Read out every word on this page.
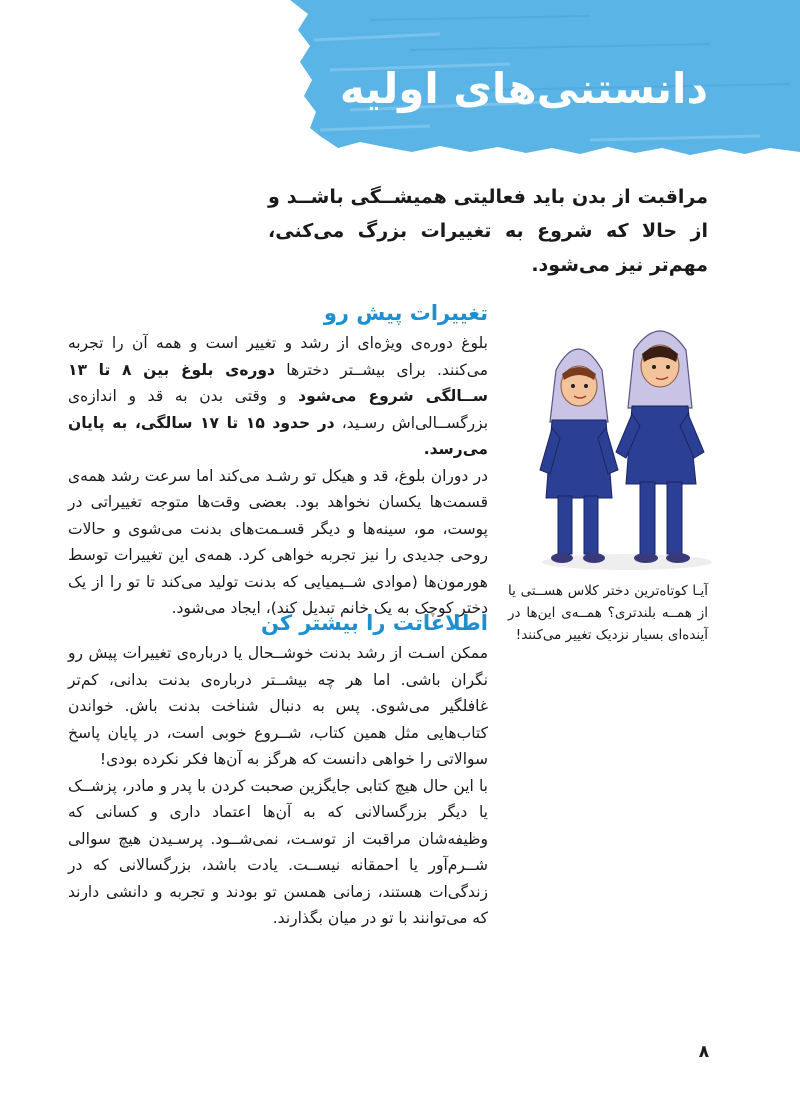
دانستنی‌های اولیه

مراقبت از بدن باید فعالیتی همیشــگی باشــد و از حالا که شروع به تغییرات بزرگ می‌کنی، مهم‌تر نیز می‌شود.

تغییرات پیش رو

بلوغ دوره‌ی ویژه‌ای از رشد و تغییر است و همه آن را تجربه می‌کنند. برای بیشــتر دخترها دوره‌ی بلوغ بین ۸ تا ۱۳ ســالگی شروع می‌شود و وقتی بدن به قد و اندازه‌ی بزرگســالی‌اش رسـید، در حدود ۱۵ تا ۱۷ سالگی، به پایان می‌رسد.

در دوران بلوغ، قد و هیکل تو رشـد می‌کند اما سرعت رشد همه‌ی قسمت‌ها یکسان نخواهد بود. بعضی وقت‌ها متوجه تغییراتی در پوست، مو، سینه‌ها و دیگر قسـمت‌های بدنت می‌شوی و حالات روحی جدیدی را نیز تجربه خواهی کرد. همه‌ی این تغییرات توسط هورمون‌ها (موادی شــیمیایی که بدنت تولید می‌کند تا تو را از یک دختر کوچک به یک خانم تبدیل کند)، ایجاد می‌شود.

اطلاعاتت را بیشتر کن

ممکن اسـت از رشد بدنت خوشــحال یا درباره‌ی تغییرات پیش رو نگران باشی. اما هر چه بیشــتر درباره‌ی بدنت بدانی، کم‌تر غافلگیر می‌شوی. پس به دنبال شناخت بدنت باش. خواندن کتاب‌هایی مثل همین کتاب، شــروع خوبی است، در پایان پاسخ سوالاتی را خواهی دانست که هرگز به آن‌ها فکر نکرده بودی!

با این حال هیچ کتابی جایگزین صحبت کردن با پدر و مادر، پزشــک یا دیگر بزرگسالانی که به آن‌ها اعتماد داری و کسانی که وظیفه‌شان مراقبت از توسـت، نمی‌شــود. پرسـیدن هیچ سوالی شــرم‌آور یا احمقانه نیســت. یادت باشد، بزرگسالانی که در زندگی‌ات هستند، زمانی همسن تو بودند و تجربه و دانشی دارند که می‌توانند با تو در میان بگذارند.

آیـا کوتاه‌ترین دختر کلاس هســتی یا از همــه بلندتری؟ همــه‌ی این‌ها در آینده‌ای بسیار نزدیک تغییر می‌کنند!

۸
